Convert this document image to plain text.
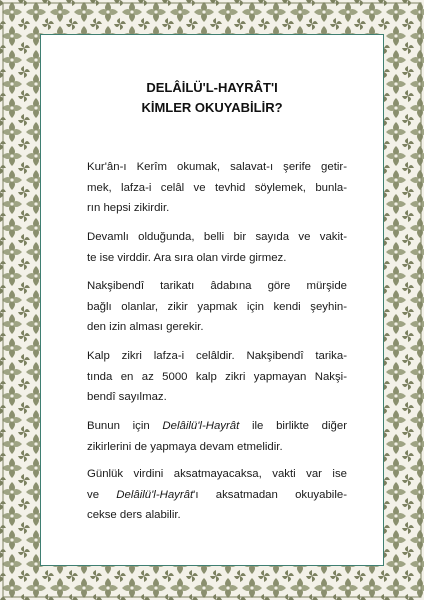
DELÂİLÜ'L-HAYRÂT'I
KİMLER OKUYABİLİR?
Kur'ân-ı Kerîm okumak, salavat-ı şerife getir-
mek, lafza-i celâl ve tevhid söylemek, bunla-
rın hepsi zikirdir.
Devamlı olduğunda, belli bir sayıda ve vakit-
te ise virddir. Ara sıra olan virde girmez.
Nakşibendî tarikatı âdabına göre mürşide
bağlı olanlar, zikir yapmak için kendi şeyhin-
den izin alması gerekir.
Kalp zikri lafza-i celâldir. Nakşibendî tarika-
tında en az 5000 kalp zikri yapmayan Nakşi-
bendî sayılmaz.
Bunun için Delâilü'l-Hayrât ile birlikte diğer
zikirlerini de yapmaya devam etmelidir.
Günlük virdini aksatmayacaksa, vakti var ise
ve Delâilü'l-Hayrât'ı aksatmadan okuyabile-
cekse ders alabilir.
